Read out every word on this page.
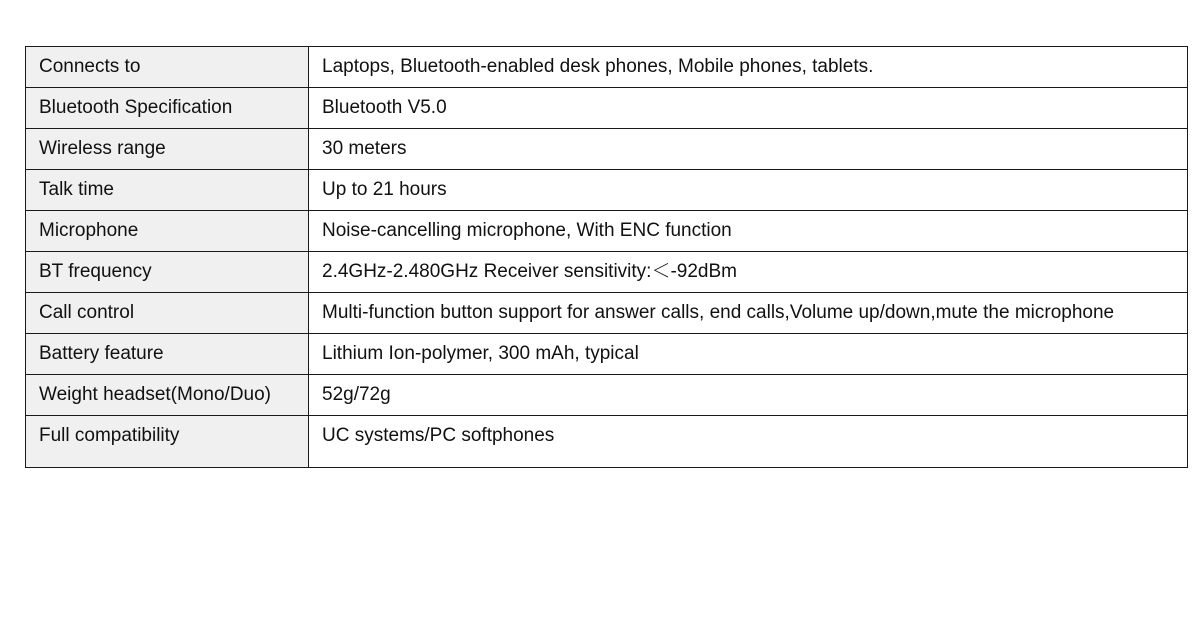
Connects to	Laptops, Bluetooth-enabled desk phones, Mobile phones, tablets.
Bluetooth Specification	Bluetooth V5.0
Wireless range	30 meters
Talk time	Up to 21 hours
Microphone	Noise-cancelling microphone, With ENC function
BT frequency	2.4GHz-2.480GHz Receiver sensitivity:＜-92dBm
Call control	Multi-function button support for answer calls, end calls,Volume up/down,mute the microphone
Battery feature	Lithium Ion-polymer, 300 mAh, typical
Weight headset(Mono/Duo)	52g/72g
Full compatibility	UC systems/PC softphones
